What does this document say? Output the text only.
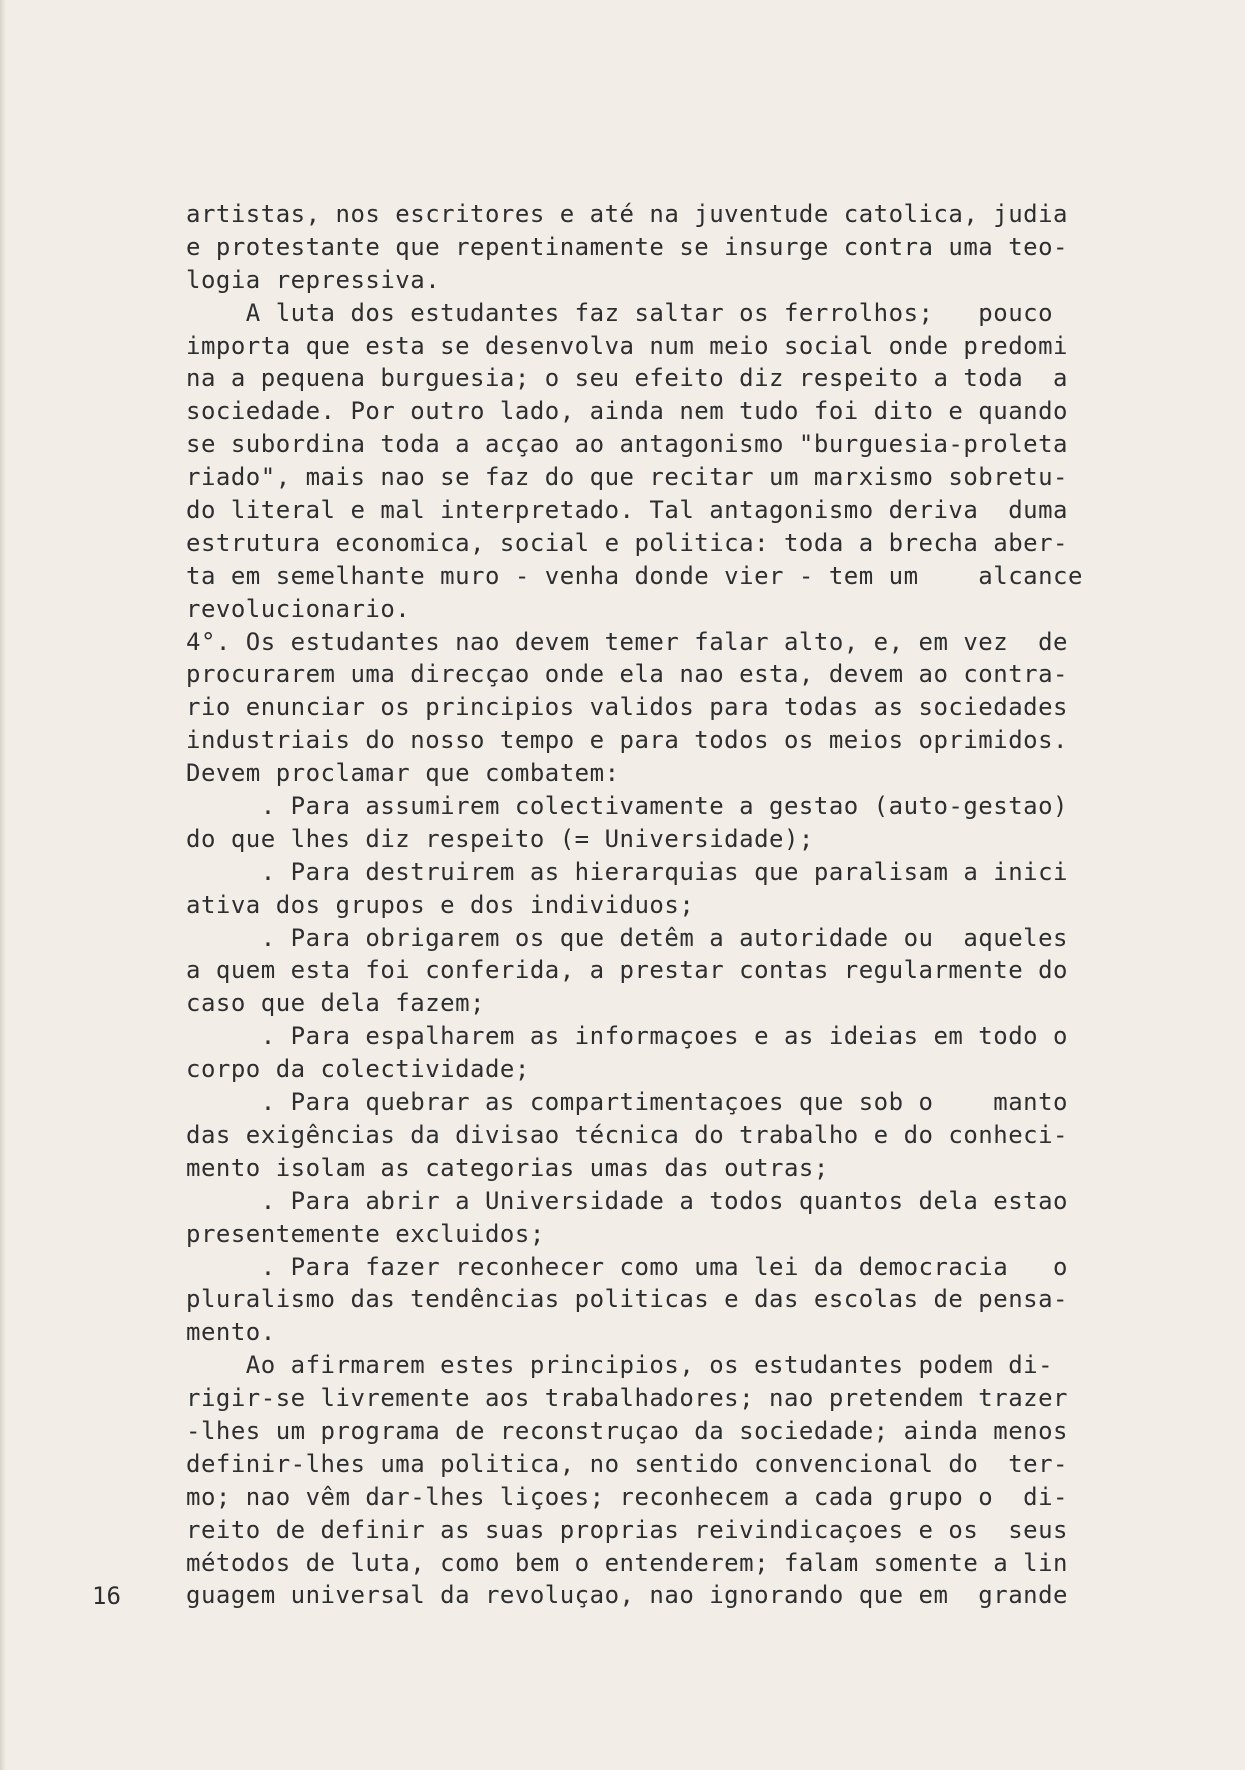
artistas, nos escritores e até na juventude catolica, judia
e protestante que repentinamente se insurge contra uma teo-
logia repressiva.
A luta dos estudantes faz saltar os ferrolhos;   pouco
importa que esta se desenvolva num meio social onde predomi
na a pequena burguesia; o seu efeito diz respeito a toda  a
sociedade. Por outro lado, ainda nem tudo foi dito e quando
se subordina toda a acçao ao antagonismo "burguesia-proleta
riado", mais nao se faz do que recitar um marxismo sobretu-
do literal e mal interpretado. Tal antagonismo deriva  duma
estrutura economica, social e politica: toda a brecha aber-
ta em semelhante muro - venha donde vier - tem um    alcance
revolucionario.
4°. Os estudantes nao devem temer falar alto, e, em vez  de
procurarem uma direcçao onde ela nao esta, devem ao contra-
rio enunciar os principios validos para todas as sociedades
industriais do nosso tempo e para todos os meios oprimidos.
Devem proclamar que combatem:
. Para assumirem colectivamente a gestao (auto-gestao)
do que lhes diz respeito (= Universidade);
. Para destruirem as hierarquias que paralisam a inici
ativa dos grupos e dos individuos;
. Para obrigarem os que detêm a autoridade ou  aqueles
a quem esta foi conferida, a prestar contas regularmente do
caso que dela fazem;
. Para espalharem as informaçoes e as ideias em todo o
corpo da colectividade;
. Para quebrar as compartimentaçoes que sob o    manto
das exigências da divisao técnica do trabalho e do conheci-
mento isolam as categorias umas das outras;
. Para abrir a Universidade a todos quantos dela estao
presentemente excluidos;
. Para fazer reconhecer como uma lei da democracia   o
pluralismo das tendências politicas e das escolas de pensa-
mento.
Ao afirmarem estes principios, os estudantes podem di-
rigir-se livremente aos trabalhadores; nao pretendem trazer
-lhes um programa de reconstruçao da sociedade; ainda menos
definir-lhes uma politica, no sentido convencional do  ter-
mo; nao vêm dar-lhes liçoes; reconhecem a cada grupo o  di-
reito de definir as suas proprias reivindicaçoes e os  seus
métodos de luta, como bem o entenderem; falam somente a lin
guagem universal da revoluçao, nao ignorando que em  grande
16
